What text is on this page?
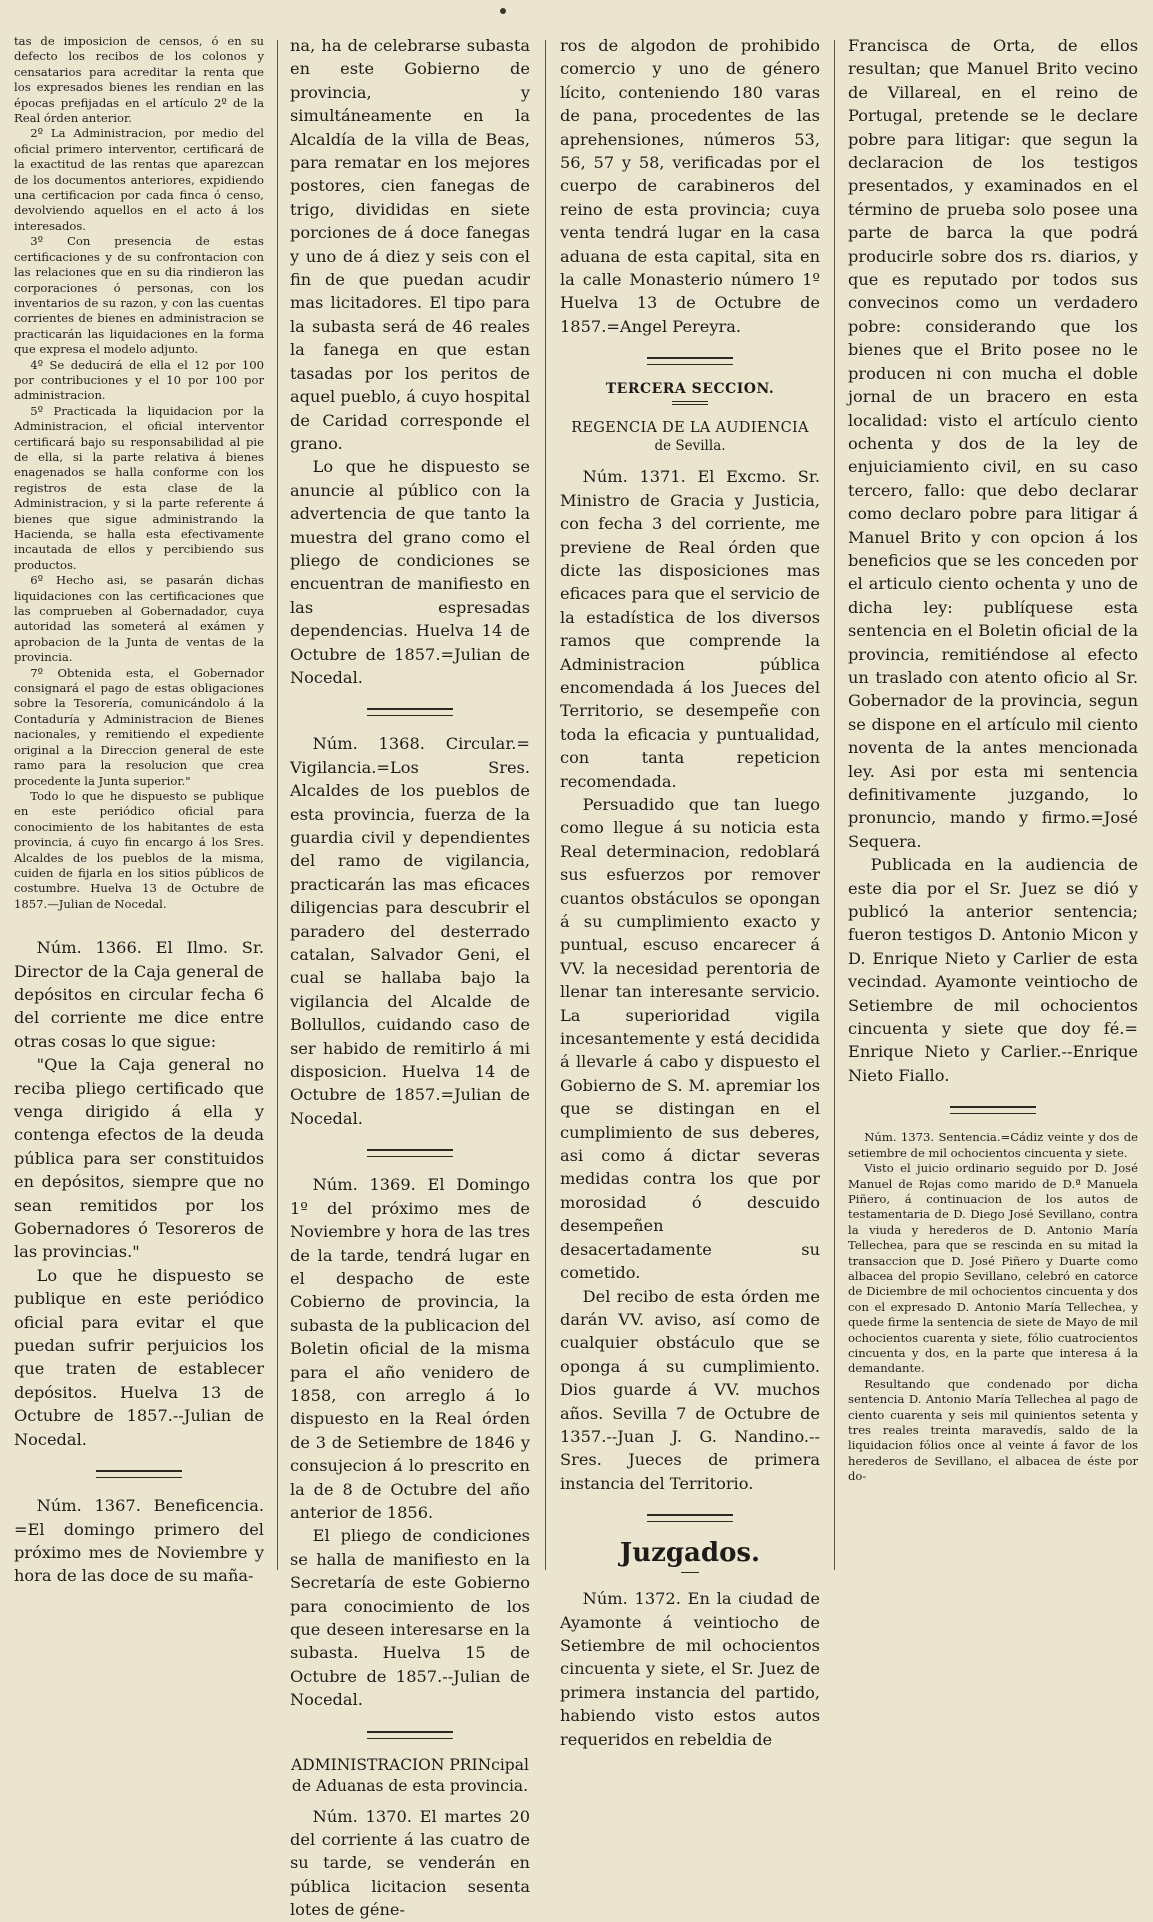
tas de imposicion de censos, ó en su defecto los recibos de los colonos y censatarios para acreditar la renta que los expresados bienes les rendian en las épocas prefijadas en el artículo 2º de la Real órden anterior.

2º La Administracion, por medio del oficial primero interventor, certificará de la exactitud de las rentas que aparezcan de los documentos anteriores, expidiendo una certificacion por cada finca ó censo, devolviendo aquellos en el acto á los interesados.

3º Con presencia de estas certificaciones y de su confrontacion con las relaciones que en su dia rindieron las corporaciones ó personas, con los inventarios de su razon, y con las cuentas corrientes de bienes en administracion se practicarán las liquidaciones en la forma que expresa el modelo adjunto.

4º Se deducirá de ella el 12 por 100 por contribuciones y el 10 por 100 por administracion.

5º Practicada la liquidacion por la Administracion, el oficial interventor certificará bajo su responsabilidad al pie de ella, si la parte relativa á bienes enagenados se halla conforme con los registros de esta clase de la Administracion, y si la parte referente á bienes que sigue administrando la Hacienda, se halla esta efectivamente incautada de ellos y percibiendo sus productos.

6º Hecho asi, se pasarán dichas liquidaciones con las certificaciones que las comprueben al Gobernadador, cuya autoridad las someterá al exámen y aprobacion de la Junta de ventas de la provincia.

7º Obtenida esta, el Gobernador consignará el pago de estas obligaciones sobre la Tesorería, comunicándolo á la Contaduría y Administracion de Bienes nacionales, y remitiendo el expediente original a la Direccion general de este ramo para la resolucion que crea procedente la Junta superior."

Todo lo que he dispuesto se publique en este periódico oficial para conocimiento de los habitantes de esta provincia, á cuyo fin encargo á los Sres. Alcaldes de los pueblos de la misma, cuiden de fijarla en los sitios públicos de costumbre. Huelva 13 de Octubre de 1857.—Julian de Nocedal.

Núm. 1366. El Ilmo. Sr. Director de la Caja general de depósitos en circular fecha 6 del corriente me dice entre otras cosas lo que sigue:

"Que la Caja general no reciba pliego certificado que venga dirigido á ella y contenga efectos de la deuda pública para ser constituidos en depósitos, siempre que no sean remitidos por los Gobernadores ó Tesoreros de las provincias."

Lo que he dispuesto se publique en este periódico oficial para evitar el que puedan sufrir perjuicios los que traten de establecer depósitos. Huelva 13 de Octubre de 1857.--Julian de Nocedal.

Núm. 1367. Beneficencia. =El domingo primero del próximo mes de Noviembre y hora de las doce de su maña-

na, ha de celebrarse subasta en este Gobierno de provincia, y simultáneamente en la Alcaldía de la villa de Beas, para rematar en los mejores postores, cien fanegas de trigo, divididas en siete porciones de á doce fanegas y uno de á diez y seis con el fin de que puedan acudir mas licitadores. El tipo para la subasta será de 46 reales la fanega en que estan tasadas por los peritos de aquel pueblo, á cuyo hospital de Caridad corresponde el grano.

Lo que he dispuesto se anuncie al público con la advertencia de que tanto la muestra del grano como el pliego de condiciones se encuentran de manifiesto en las espresadas dependencias. Huelva 14 de Octubre de 1857.=Julian de Nocedal.

Núm. 1368. Circular.= Vigilancia.=Los Sres. Alcaldes de los pueblos de esta provincia, fuerza de la guardia civil y dependientes del ramo de vigilancia, practicarán las mas eficaces diligencias para descubrir el paradero del desterrado catalan, Salvador Geni, el cual se hallaba bajo la vigilancia del Alcalde de Bollullos, cuidando caso de ser habido de remitirlo á mi disposicion. Huelva 14 de Octubre de 1857.=Julian de Nocedal.

Núm. 1369. El Domingo 1º del próximo mes de Noviembre y hora de las tres de la tarde, tendrá lugar en el despacho de este Cobierno de provincia, la subasta de la publicacion del Boletin oficial de la misma para el año venidero de 1858, con arreglo á lo dispuesto en la Real órden de 3 de Setiembre de 1846 y consujecion á lo prescrito en la de 8 de Octubre del año anterior de 1856.

El pliego de condiciones se halla de manifiesto en la Secretaría de este Gobierno para conocimiento de los que deseen interesarse en la subasta. Huelva 15 de Octubre de 1857.--Julian de Nocedal.

ADMINISTRACION PRINcipal de Aduanas de esta provincia.

Núm. 1370. El martes 20 del corriente á las cuatro de su tarde, se venderán en pública licitacion sesenta lotes de géne-

ros de algodon de prohibido comercio y uno de género lícito, conteniendo 180 varas de pana, procedentes de las aprehensiones, números 53, 56, 57 y 58, verificadas por el cuerpo de carabineros del reino de esta provincia; cuya venta tendrá lugar en la casa aduana de esta capital, sita en la calle Monasterio número 1º Huelva 13 de Octubre de 1857.=Angel Pereyra.

TERCERA SECCION.
REGENCIA DE LA AUDIENCIA
de Sevilla.

Núm. 1371. El Excmo. Sr. Ministro de Gracia y Justicia, con fecha 3 del corriente, me previene de Real órden que dicte las disposiciones mas eficaces para que el servicio de la estadística de los diversos ramos que comprende la Administracion pública encomendada á los Jueces del Territorio, se desempeñe con toda la eficacia y puntualidad, con tanta repeticion recomendada.

Persuadido que tan luego como llegue á su noticia esta Real determinacion, redoblará sus esfuerzos por remover cuantos obstáculos se opongan á su cumplimiento exacto y puntual, escuso encarecer á VV. la necesidad perentoria de llenar tan interesante servicio. La superioridad vigila incesantemente y está decidida á llevarle á cabo y dispuesto el Gobierno de S. M. apremiar los que se distingan en el cumplimiento de sus deberes, asi como á dictar severas medidas contra los que por morosidad ó descuido desempeñen desacertadamente su cometido.

Del recibo de esta órden me darán VV. aviso, así como de cualquier obstáculo que se oponga á su cumplimiento. Dios guarde á VV. muchos años. Sevilla 7 de Octubre de 1357.--Juan J. G. Nandino.-- Sres. Jueces de primera instancia del Territorio.

Juzgados.

Núm. 1372. En la ciudad de Ayamonte á veintiocho de Setiembre de mil ochocientos cincuenta y siete, el Sr. Juez de primera instancia del partido, habiendo visto estos autos requeridos en rebeldia de

Francisca de Orta, de ellos resultan; que Manuel Brito vecino de Villareal, en el reino de Portugal, pretende se le declare pobre para litigar: que segun la declaracion de los testigos presentados, y examinados en el término de prueba solo posee una parte de barca la que podrá producirle sobre dos rs. diarios, y que es reputado por todos sus convecinos como un verdadero pobre: considerando que los bienes que el Brito posee no le producen ni con mucha el doble jornal de un bracero en esta localidad: visto el artículo ciento ochenta y dos de la ley de enjuiciamiento civil, en su caso tercero, fallo: que debo declarar como declaro pobre para litigar á Manuel Brito y con opcion á los beneficios que se les conceden por el articulo ciento ochenta y uno de dicha ley: publíquese esta sentencia en el Boletin oficial de la provincia, remitiéndose al efecto un traslado con atento oficio al Sr. Gobernador de la provincia, segun se dispone en el artículo mil ciento noventa de la antes mencionada ley. Asi por esta mi sentencia definitivamente juzgando, lo pronuncio, mando y firmo.=José Sequera.

Publicada en la audiencia de este dia por el Sr. Juez se dió y publicó la anterior sentencia; fueron testigos D. Antonio Micon y D. Enrique Nieto y Carlier de esta vecindad. Ayamonte veintiocho de Setiembre de mil ochocientos cincuenta y siete que doy fé.= Enrique Nieto y Carlier.--Enrique Nieto Fiallo.

Núm. 1373. Sentencia.=Cádiz veinte y dos de setiembre de mil ochocientos cincuenta y siete.

Visto el juicio ordinario seguido por D. José Manuel de Rojas como marido de D.ª Manuela Piñero, á continuacion de los autos de testamentaria de D. Diego José Sevillano, contra la viuda y herederos de D. Antonio María Tellechea, para que se rescinda en su mitad la transaccion que D. José Piñero y Duarte como albacea del propio Sevillano, celebró en catorce de Diciembre de mil ochocientos cincuenta y dos con el expresado D. Antonio María Tellechea, y quede firme la sentencia de siete de Mayo de mil ochocientos cuarenta y siete, fólio cuatrocientos cincuenta y dos, en la parte que interesa á la demandante.

Resultando que condenado por dicha sentencia D. Antonio María Tellechea al pago de ciento cuarenta y seis mil quinientos setenta y tres reales treinta maravedís, saldo de la liquidacion fólios once al veinte á favor de los herederos de Sevillano, el albacea de éste por do-
